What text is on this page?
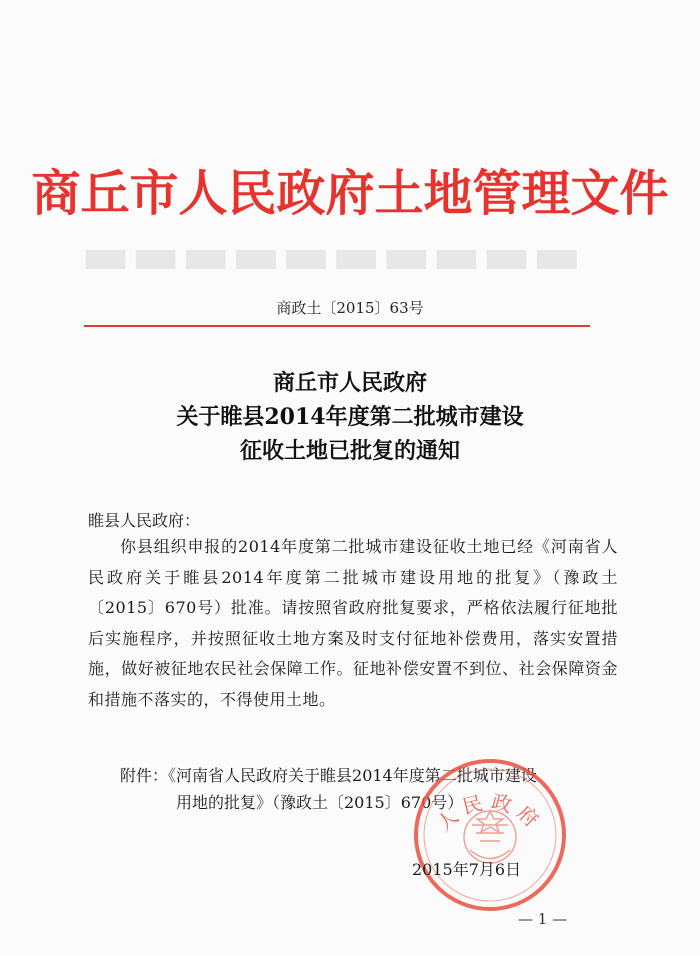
▬▬▬▬▬▬▬▬▬▬
商丘市人民政府土地管理文件
商政土〔2015〕63号
商丘市人民政府
关于睢县2014年度第二批城市建设
征收土地已批复的通知
睢县人民政府：
你县组织申报的2014年度第二批城市建设征收土地已经《河南省人民政府关于睢县2014年度第二批城市建设用地的批复》（豫政土〔2015〕670号）批准。请按照省政府批复要求，严格依法履行征地批后实施程序，并按照征收土地方案及时支付征地补偿费用，落实安置措施，做好被征地农民社会保障工作。征地补偿安置不到位、社会保障资金和措施不落实的，不得使用土地。
附件：《河南省人民政府关于睢县2014年度第二批城市建设
用地的批复》（豫政土〔2015〕670号）
人民政府
2015年7月6日
— 1 —
